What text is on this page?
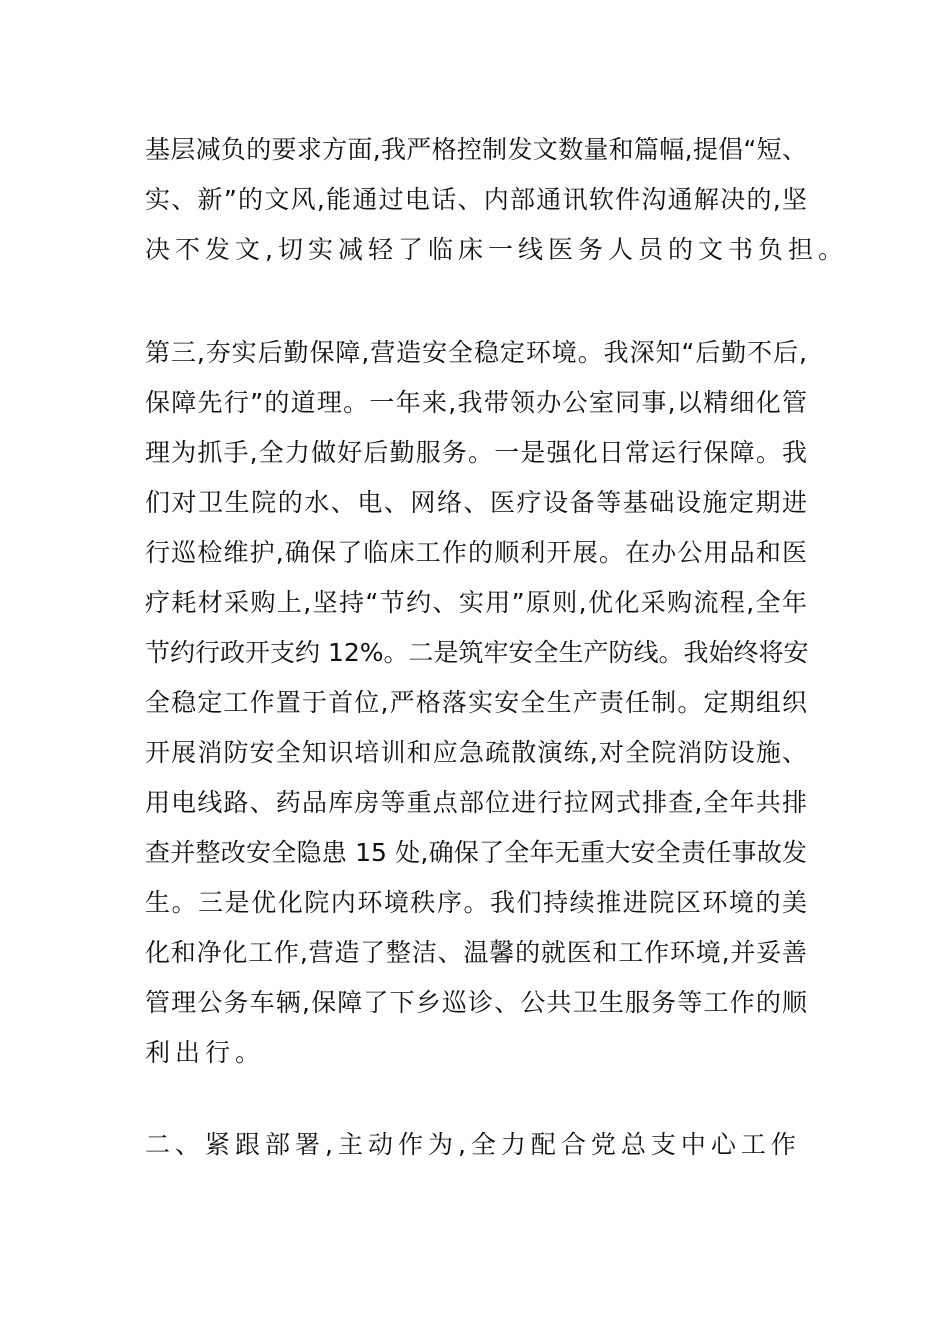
基层减负的要求方面,我严格控制发文数量和篇幅,提倡“短、
实、新”的文风,能通过电话、内部通讯软件沟通解决的,坚
决不发文,切实减轻了临床一线医务人员的文书负担。
第三,夯实后勤保障,营造安全稳定环境。我深知“后勤不后,
保障先行”的道理。一年来,我带领办公室同事,以精细化管
理为抓手,全力做好后勤服务。一是强化日常运行保障。我
们对卫生院的水、电、网络、医疗设备等基础设施定期进
行巡检维护,确保了临床工作的顺利开展。在办公用品和医
疗耗材采购上,坚持“节约、实用”原则,优化采购流程,全年
节约行政开支约 12%。二是筑牢安全生产防线。我始终将安
全稳定工作置于首位,严格落实安全生产责任制。定期组织
开展消防安全知识培训和应急疏散演练,对全院消防设施、
用电线路、药品库房等重点部位进行拉网式排查,全年共排
查并整改安全隐患 15 处,确保了全年无重大安全责任事故发
生。三是优化院内环境秩序。我们持续推进院区环境的美
化和净化工作,营造了整洁、温馨的就医和工作环境,并妥善
管理公务车辆,保障了下乡巡诊、公共卫生服务等工作的顺
利出行。
二、紧跟部署,主动作为,全力配合党总支中心工作
